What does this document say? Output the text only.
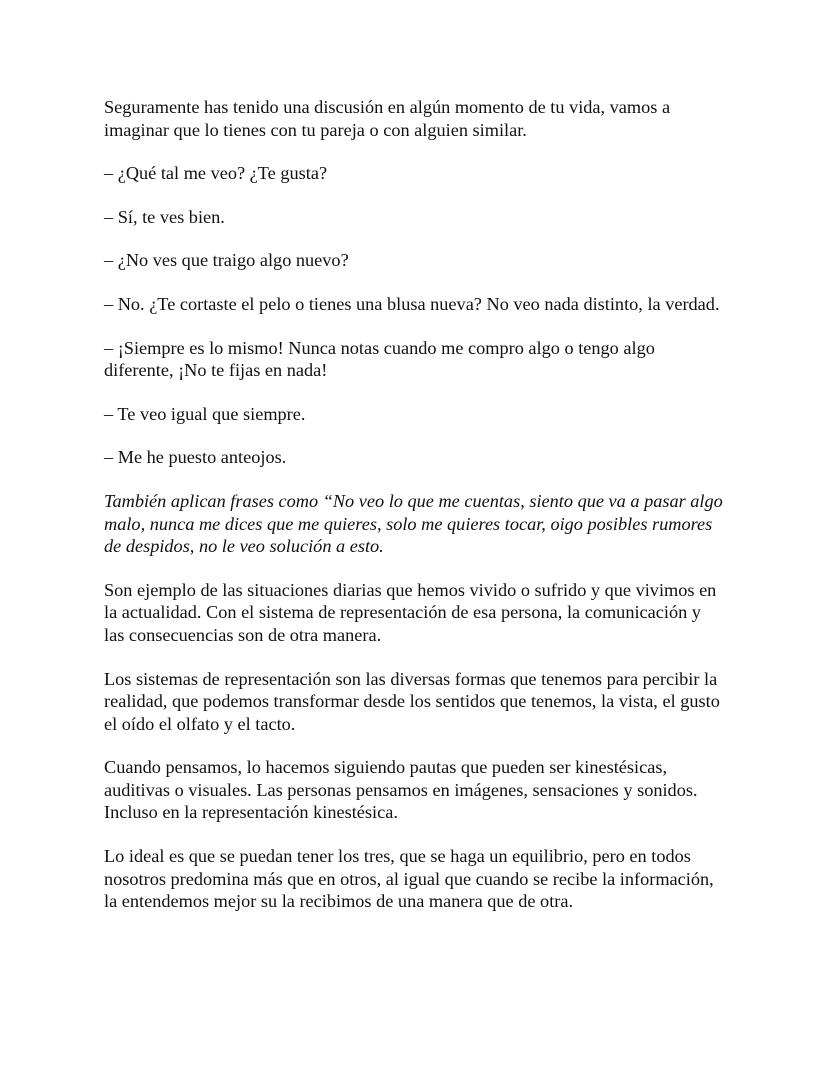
Seguramente has tenido una discusión en algún momento de tu vida, vamos a imaginar que lo tienes con tu pareja o con alguien similar.

– ¿Qué tal me veo? ¿Te gusta?

– Sí, te ves bien.

– ¿No ves que traigo algo nuevo?

– No. ¿Te cortaste el pelo o tienes una blusa nueva? No veo nada distinto, la verdad.

– ¡Siempre es lo mismo! Nunca notas cuando me compro algo o tengo algo diferente, ¡No te fijas en nada!

– Te veo igual que siempre.

– Me he puesto anteojos.

También aplican frases como “No veo lo que me cuentas, siento que va a pasar algo malo, nunca me dices que me quieres, solo me quieres tocar, oigo posibles rumores de despidos, no le veo solución a esto.

Son ejemplo de las situaciones diarias que hemos vivido o sufrido y que vivimos en la actualidad. Con el sistema de representación de esa persona, la comunicación y las consecuencias son de otra manera.

Los sistemas de representación son las diversas formas que tenemos para percibir la realidad, que podemos transformar desde los sentidos que tenemos, la vista, el gusto el oído el olfato y el tacto.

Cuando pensamos, lo hacemos siguiendo pautas que pueden ser kinestésicas, auditivas o visuales. Las personas pensamos en imágenes, sensaciones y sonidos. Incluso en la representación kinestésica.

Lo ideal es que se puedan tener los tres, que se haga un equilibrio, pero en todos nosotros predomina más que en otros, al igual que cuando se recibe la información, la entendemos mejor su la recibimos de una manera que de otra.
